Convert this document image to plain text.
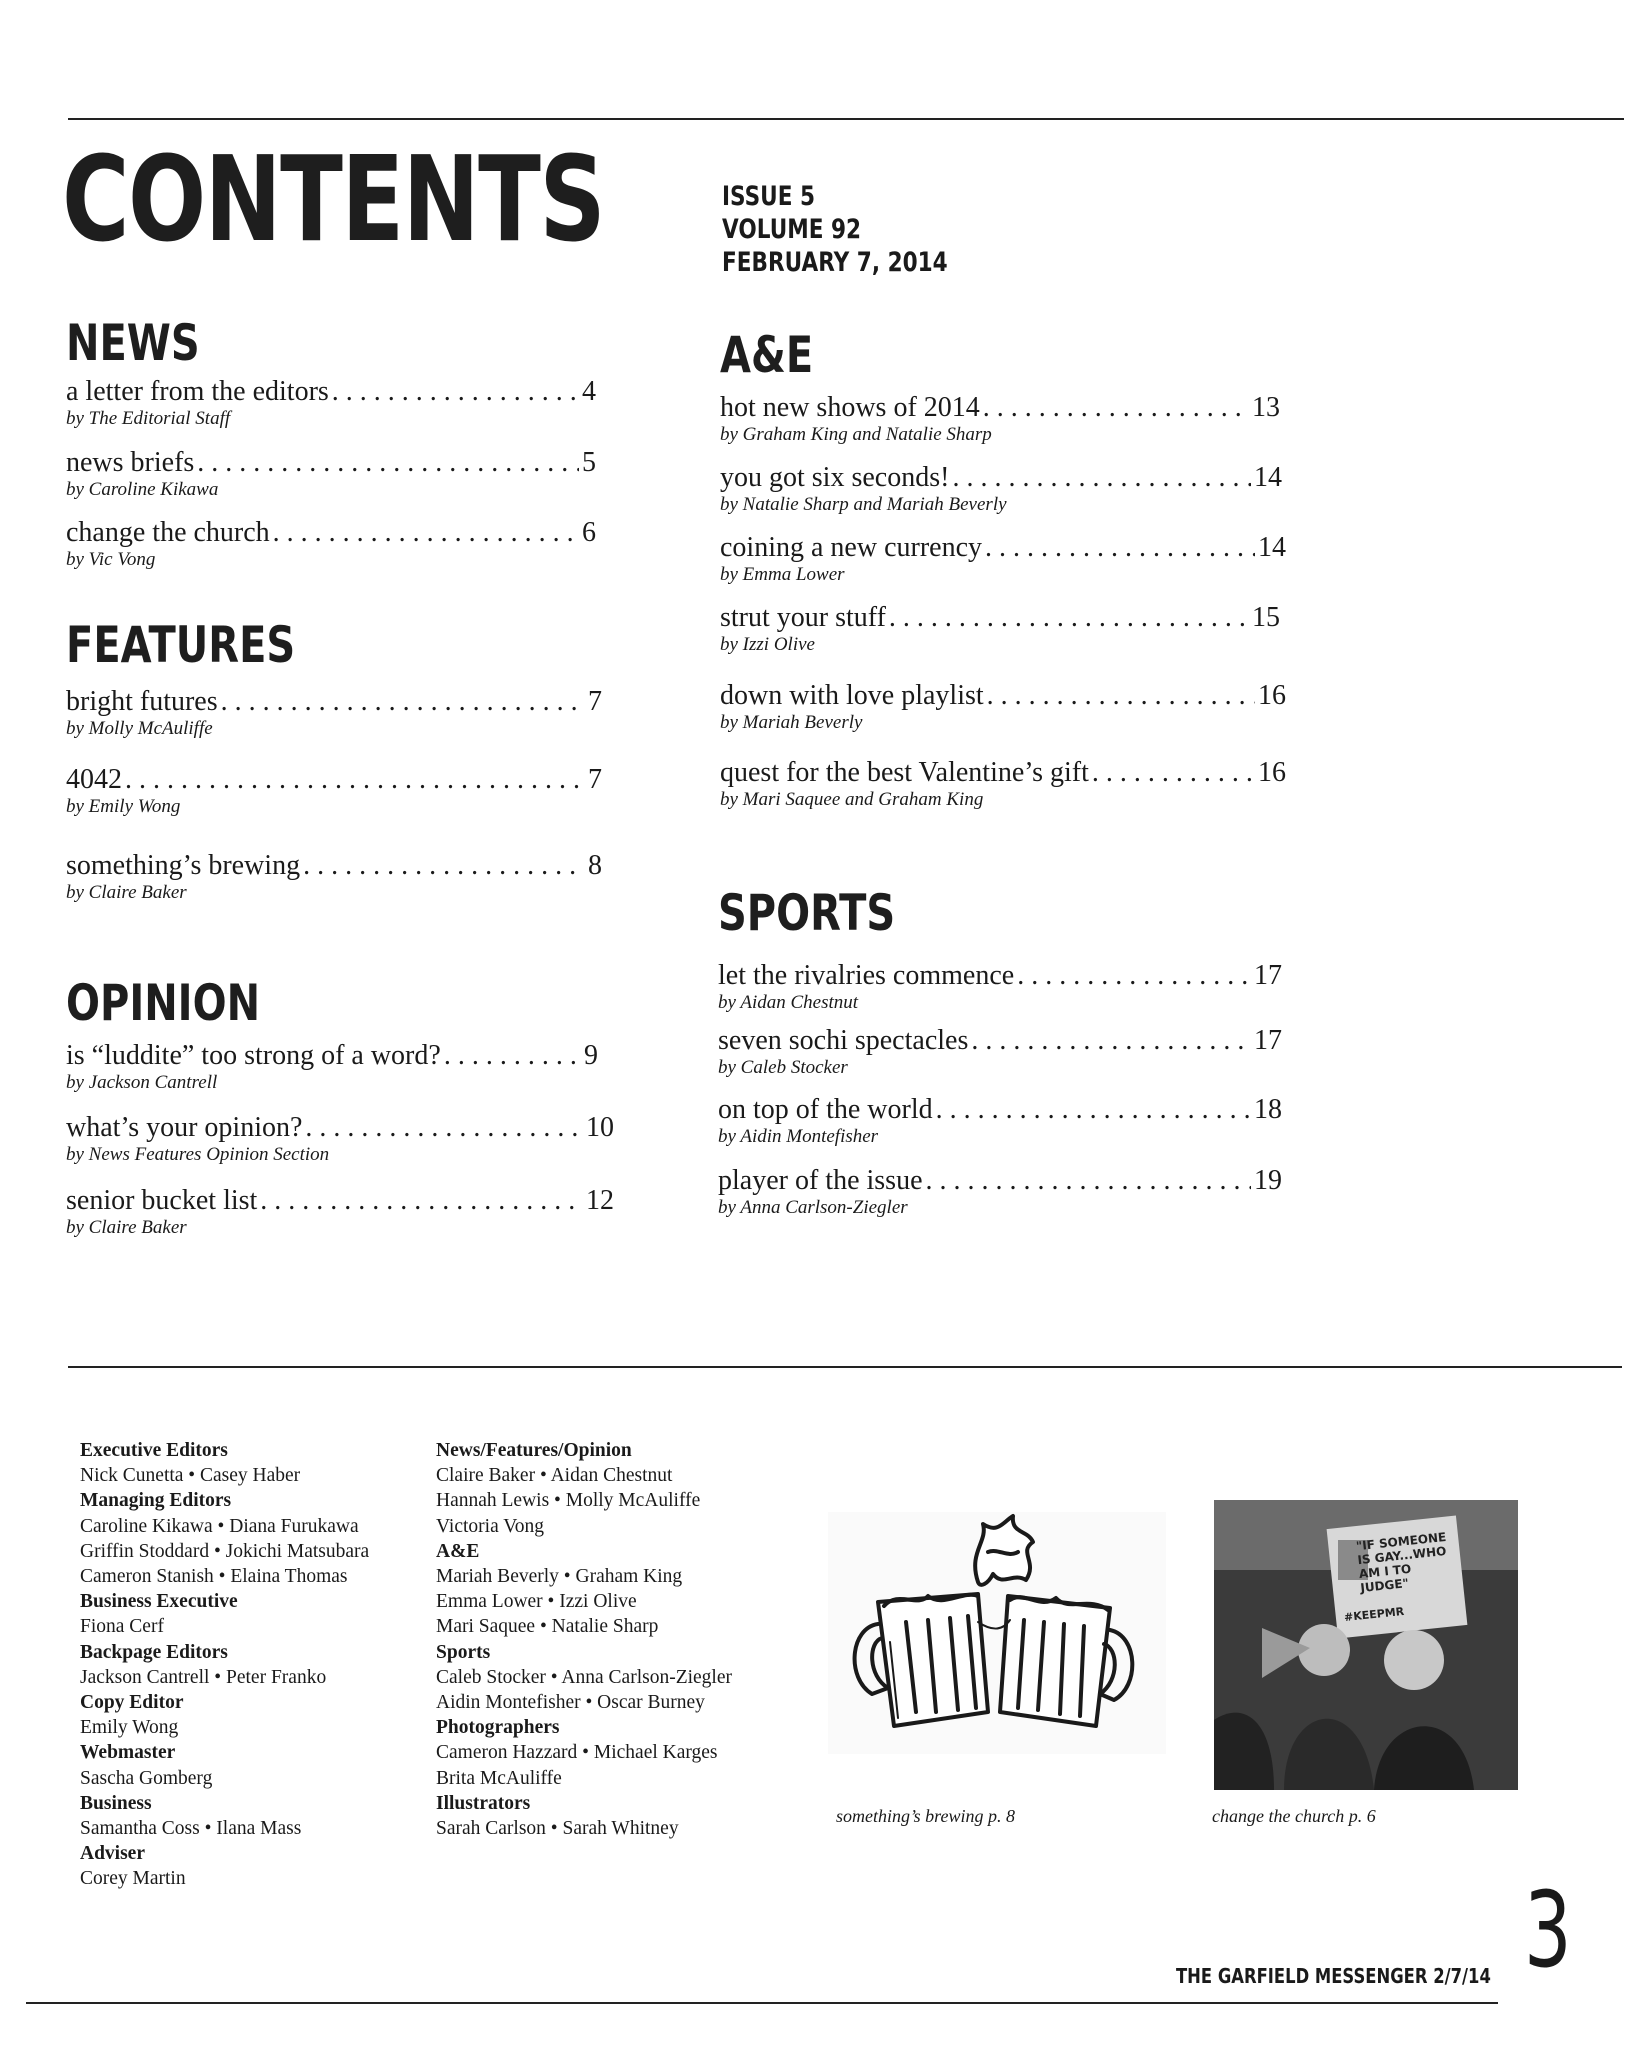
CONTENTS	ISSUE 5
VOLUME 92
FEBRUARY 7, 2014
NEWS
a letter from the editors . . .	4
by The Editorial Staff
news briefs . . .	5
by Caroline Kikawa
change the church . . .	6
by Vic Vong
FEATURES
bright futures . . .	7
by Molly McAuliffe
4042 . . .	7
by Emily Wong
something’s brewing . . .	8
by Claire Baker
OPINION
is “luddite” too strong of a word? . . .	9
by Jackson Cantrell
what’s your opinion? . . .	10
by News Features Opinion Section
senior bucket list . . .	12
by Claire Baker
A&E
hot new shows of 2014 . . .	13
by Graham King and Natalie Sharp
you got six seconds! . . .	14
by Natalie Sharp and Mariah Beverly
coining a new currency . . .	14
by Emma Lower
strut your stuff . . .	15
by Izzi Olive
down with love playlist . . .	16
by Mariah Beverly
quest for the best Valentine’s gift . . .	16
by Mari Saquee and Graham King
SPORTS
let the rivalries commence . . .	17
by Aidan Chestnut
seven sochi spectacles . . .	17
by Caleb Stocker
on top of the world . . .	18
by Aidin Montefisher
player of the issue . . .	19
by Anna Carlson-Ziegler
Executive Editors
Nick Cunetta • Casey Haber
Managing Editors
Caroline Kikawa • Diana Furukawa
Griffin Stoddard • Jokichi Matsubara
Cameron Stanish • Elaina Thomas
Business Executive
Fiona Cerf
Backpage Editors
Jackson Cantrell • Peter Franko
Copy Editor
Emily Wong
Webmaster
Sascha Gomberg
Business
Samantha Coss • Ilana Mass
Adviser
Corey Martin
News/Features/Opinion
Claire Baker • Aidan Chestnut
Hannah Lewis • Molly McAuliffe
Victoria Vong
A&E
Mariah Beverly • Graham King
Emma Lower • Izzi Olive
Mari Saquee • Natalie Sharp
Sports
Caleb Stocker • Anna Carlson-Ziegler
Aidin Montefisher • Oscar Burney
Photographers
Cameron Hazzard • Michael Karges
Brita McAuliffe
Illustrators
Sarah Carlson • Sarah Whitney
something’s brewing p. 8
"IF SOMEONE IS GAY...WHO AM I TO JUDGE"
#KEEPMR
change the church p. 6
THE GARFIELD MESSENGER 2/7/14 3
